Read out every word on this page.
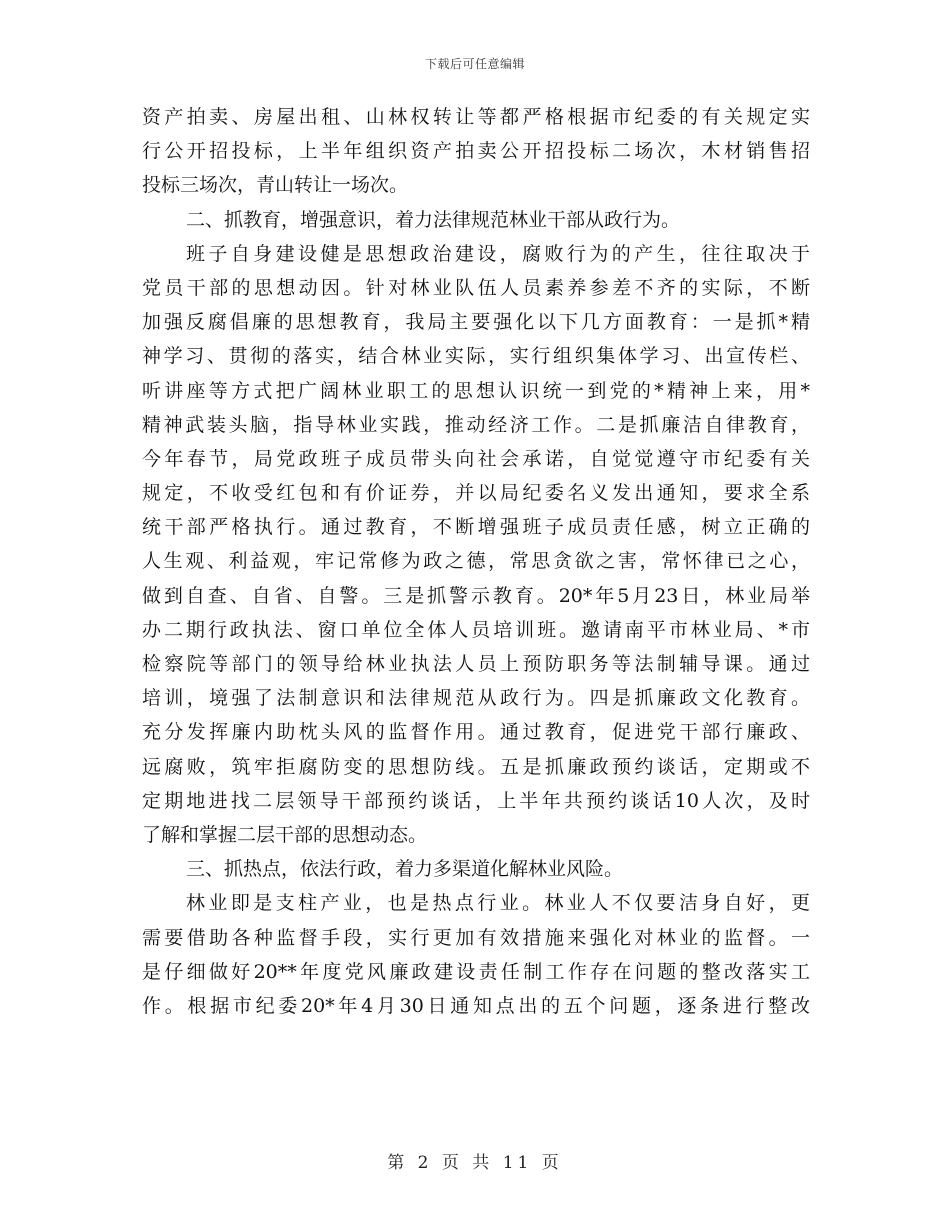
下载后可任意编辑
资产拍卖、房屋出租、山林权转让等都严格根据市纪委的有关规定实
行公开招投标，上半年组织资产拍卖公开招投标二场次，木材销售招
投标三场次，青山转让一场次。
二、抓教育，增强意识，着力法律规范林业干部从政行为。
班子自身建设健是思想政治建设，腐败行为的产生，往往取决于
党员干部的思想动因。针对林业队伍人员素养参差不齐的实际，不断
加强反腐倡廉的思想教育，我局主要强化以下几方面教育：一是抓*精
神学习、贯彻的落实，结合林业实际，实行组织集体学习、出宣传栏、
听讲座等方式把广阔林业职工的思想认识统一到党的*精神上来，用*
精神武装头脑，指导林业实践，推动经济工作。二是抓廉洁自律教育，
今年春节，局党政班子成员带头向社会承诺，自觉觉遵守市纪委有关
规定，不收受红包和有价证券，并以局纪委名义发出通知，要求全系
统干部严格执行。通过教育，不断增强班子成员责任感，树立正确的
人生观、利益观，牢记常修为政之德，常思贪欲之害，常怀律已之心，
做到自查、自省、自警。三是抓警示教育。20*年5月23日，林业局举
办二期行政执法、窗口单位全体人员培训班。邀请南平市林业局、*市
检察院等部门的领导给林业执法人员上预防职务等法制辅导课。通过
培训，境强了法制意识和法律规范从政行为。四是抓廉政文化教育。
充分发挥廉内助枕头风的监督作用。通过教育，促进党干部行廉政、
远腐败，筑牢拒腐防变的思想防线。五是抓廉政预约谈话，定期或不
定期地进找二层领导干部预约谈话，上半年共预约谈话10人次，及时
了解和掌握二层干部的思想动态。
三、抓热点，依法行政，着力多渠道化解林业风险。
林业即是支柱产业，也是热点行业。林业人不仅要洁身自好，更
需要借助各种监督手段，实行更加有效措施来强化对林业的监督。一
是仔细做好20**年度党风廉政建设责任制工作存在问题的整改落实工
作。根据市纪委20*年4月30日通知点出的五个问题，逐条进行整改
第 2 页 共 11 页
